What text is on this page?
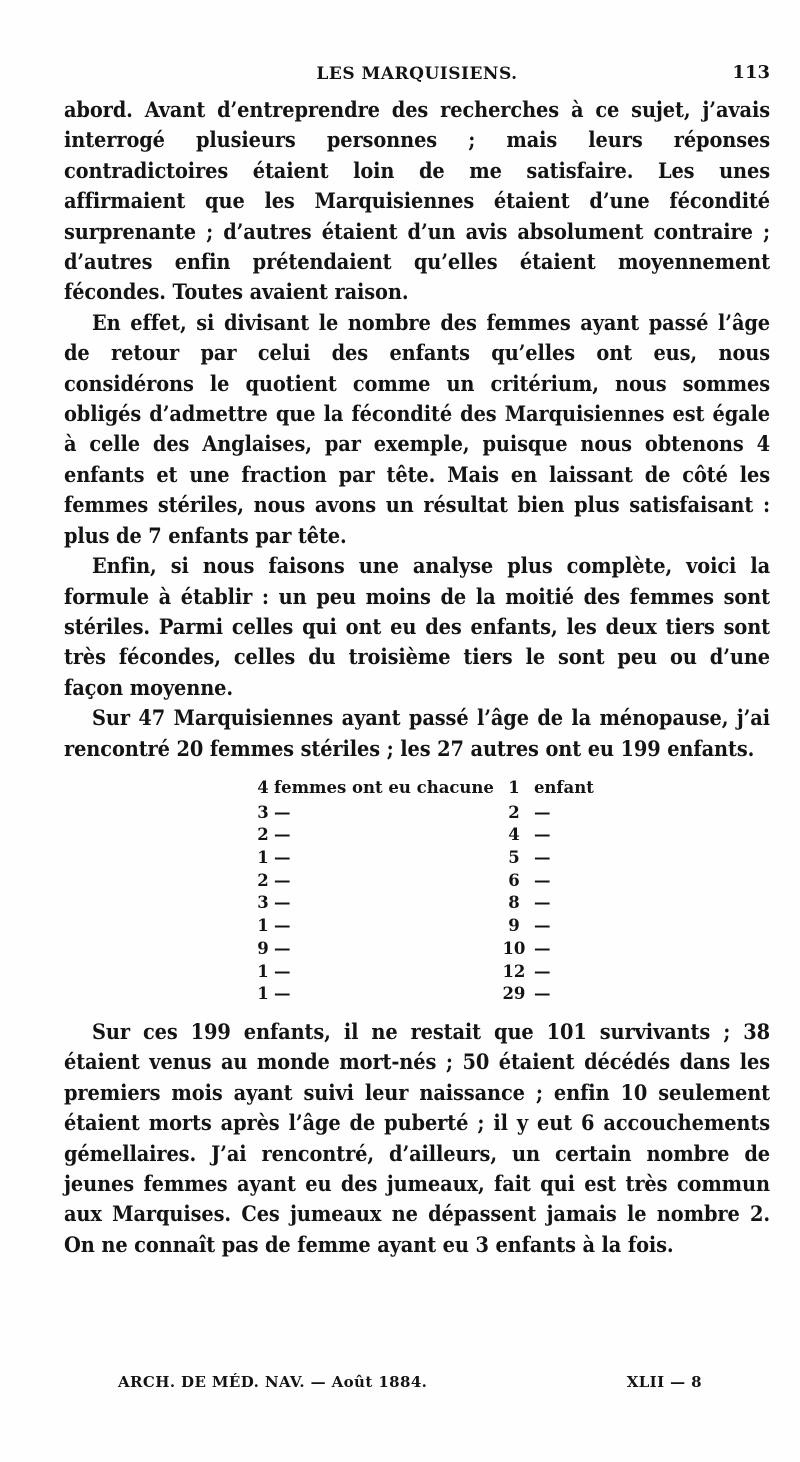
LES MARQUISIENS.	113

abord. Avant d’entreprendre des recherches à ce sujet, j’avais interrogé plusieurs personnes ; mais leurs réponses contradictoires étaient loin de me satisfaire. Les unes affirmaient que les Marquisiennes étaient d’une fécondité surprenante ; d’autres étaient d’un avis absolument contraire ; d’autres enfin prétendaient qu’elles étaient moyennement fécondes. Toutes avaient raison.

En effet, si divisant le nombre des femmes ayant passé l’âge de retour par celui des enfants qu’elles ont eus, nous considérons le quotient comme un critérium, nous sommes obligés d’admettre que la fécondité des Marquisiennes est égale à celle des Anglaises, par exemple, puisque nous obtenons 4 enfants et une fraction par tête. Mais en laissant de côté les femmes stériles, nous avons un résultat bien plus satisfaisant : plus de 7 enfants par tête.

Enfin, si nous faisons une analyse plus complète, voici la formule à établir : un peu moins de la moitié des femmes sont stériles. Parmi celles qui ont eu des enfants, les deux tiers sont très fécondes, celles du troisième tiers le sont peu ou d’une façon moyenne.

Sur 47 Marquisiennes ayant passé l’âge de la ménopause, j’ai rencontré 20 femmes stériles ; les 27 autres ont eu 199 enfants.

4	femmes ont eu chacune	1	enfant
3	—	2	—
2	—	4	—
1	—	5	—
2	—	6	—
3	—	8	—
1	—	9	—
9	—	10	—
1	—	12	—
1	—	29	—

Sur ces 199 enfants, il ne restait que 101 survivants ; 38 étaient venus au monde mort-nés ; 50 étaient décédés dans les premiers mois ayant suivi leur naissance ; enfin 10 seulement étaient morts après l’âge de puberté ; il y eut 6 accouchements gémellaires. J’ai rencontré, d’ailleurs, un certain nombre de jeunes femmes ayant eu des jumeaux, fait qui est très commun aux Marquises. Ces jumeaux ne dépassent jamais le nombre 2. On ne connaît pas de femme ayant eu 3 enfants à la fois.

ARCH. DE MÉD. NAV. — Août 1884.	XLII — 8
